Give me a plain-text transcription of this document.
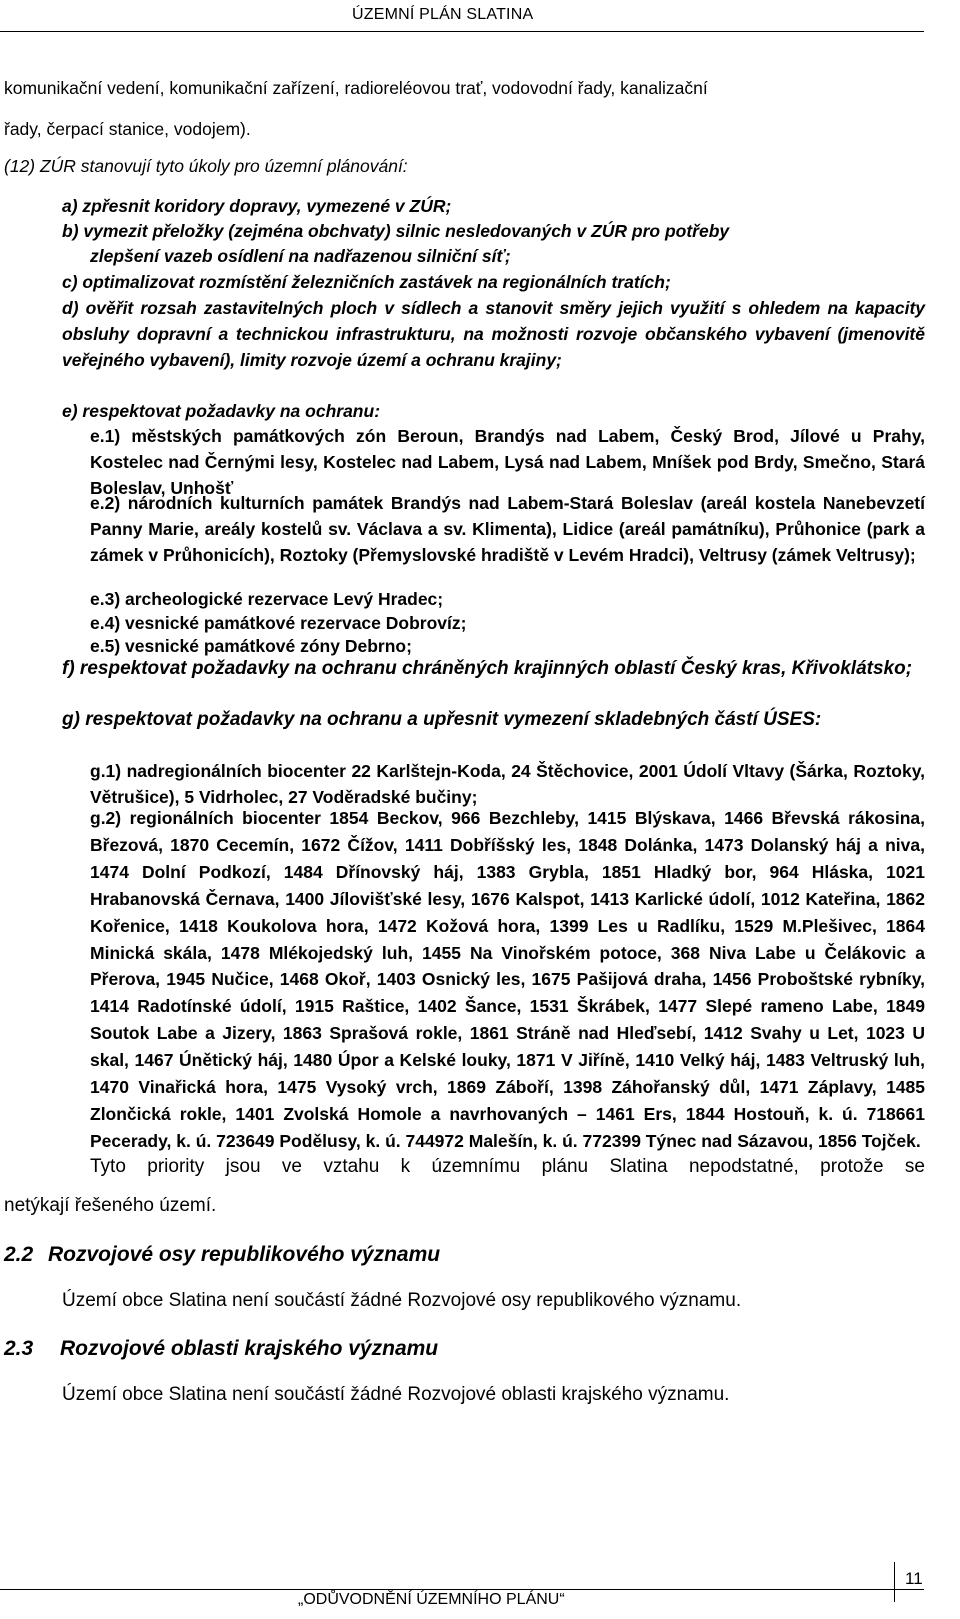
ÚZEMNÍ PLÁN SLATINA
komunikační vedení, komunikační zařízení, radioreléovou trať, vodovodní řady, kanalizační
řady, čerpací stanice, vodojem).
(12) ZÚR stanovují tyto úkoly pro územní plánování:
a) zpřesnit koridory dopravy, vymezené v ZÚR;
b) vymezit přeložky (zejména obchvaty) silnic nesledovaných v ZÚR pro potřeby
zlepšení vazeb osídlení na nadřazenou silniční síť;
c) optimalizovat rozmístění železničních zastávek na regionálních tratích;
d) ověřit rozsah zastavitelných ploch v sídlech a stanovit směry jejich využití s ohledem na kapacity obsluhy dopravní a technickou infrastrukturu, na možnosti rozvoje občanského vybavení (jmenovitě veřejného vybavení), limity rozvoje území a ochranu krajiny;
e) respektovat požadavky na ochranu:
e.1) městských památkových zón Beroun, Brandýs nad Labem, Český Brod, Jílové u Prahy, Kostelec nad Černými lesy, Kostelec nad Labem, Lysá nad Labem, Mníšek pod Brdy, Smečno, Stará Boleslav, Unhošť
e.2) národních kulturních památek Brandýs nad Labem-Stará Boleslav (areál kostela Nanebevzetí Panny Marie, areály kostelů sv. Václava a sv. Klimenta), Lidice (areál památníku), Průhonice (park a zámek v Průhonicích), Roztoky (Přemyslovské hradiště v Levém Hradci), Veltrusy (zámek Veltrusy);
e.3) archeologické rezervace Levý Hradec;
e.4) vesnické památkové rezervace Dobrovíz;
e.5) vesnické památkové zóny Debrno;
f) respektovat požadavky na ochranu chráněných krajinných oblastí Český kras, Křivoklátsko;
g) respektovat požadavky na ochranu a upřesnit vymezení skladebných částí ÚSES:
g.1) nadregionálních biocenter 22 Karlštejn-Koda, 24 Štěchovice, 2001 Údolí Vltavy (Šárka, Roztoky, Větrušice), 5 Vidrholec, 27 Voděradské bučiny;
g.2) regionálních biocenter 1854 Beckov, 966 Bezchleby, 1415 Blýskava, 1466 Břevská rákosina, Březová, 1870 Cecemín, 1672 Čížov, 1411 Dobříšský les, 1848 Dolánka, 1473 Dolanský háj a niva, 1474 Dolní Podkozí, 1484 Dřínovský háj, 1383 Grybla, 1851 Hladký bor, 964 Hláska, 1021 Hrabanovská Černava, 1400 Jílovišťské lesy, 1676 Kalspot, 1413 Karlické údolí, 1012 Kateřina, 1862 Kořenice, 1418 Koukolova hora, 1472 Kožová hora, 1399 Les u Radlíku, 1529 M.Plešivec, 1864 Minická skála, 1478 Mlékojedský luh, 1455 Na Vinořském potoce, 368 Niva Labe u Čelákovic a Přerova, 1945 Nučice, 1468 Okoř, 1403 Osnický les, 1675 Pašijová draha, 1456 Proboštské rybníky, 1414 Radotínské údolí, 1915 Raštice, 1402 Šance, 1531 Škrábek, 1477 Slepé rameno Labe, 1849 Soutok Labe a Jizery, 1863 Sprašová rokle, 1861 Stráně nad Hleďsebí, 1412 Svahy u Let, 1023 U skal, 1467 Únětický háj, 1480 Úpor a Kelské louky, 1871 V Jiříně, 1410 Velký háj, 1483 Veltruský luh, 1470 Vinařická hora, 1475 Vysoký vrch, 1869 Záboří, 1398 Záhořanský důl, 1471 Záplavy, 1485 Zlončická rokle, 1401 Zvolská Homole a navrhovaných – 1461 Ers, 1844 Hostouň, k. ú. 718661 Pecerady, k. ú. 723649 Podělusy, k. ú. 744972 Malešín, k. ú. 772399 Týnec nad Sázavou, 1856 Tojček.
Tyto priority jsou ve vztahu k územnímu plánu Slatina nepodstatné, protože se
netýkají řešeného území.
2.2 Rozvojové osy republikového významu
Území obce Slatina není součástí žádné Rozvojové osy republikového významu.
2.3 Rozvojové oblasti krajského významu
Území obce Slatina není součástí žádné Rozvojové oblasti krajského významu.
„ODŮVODNĚNÍ ÚZEMNÍHO PLÁNU“
11
